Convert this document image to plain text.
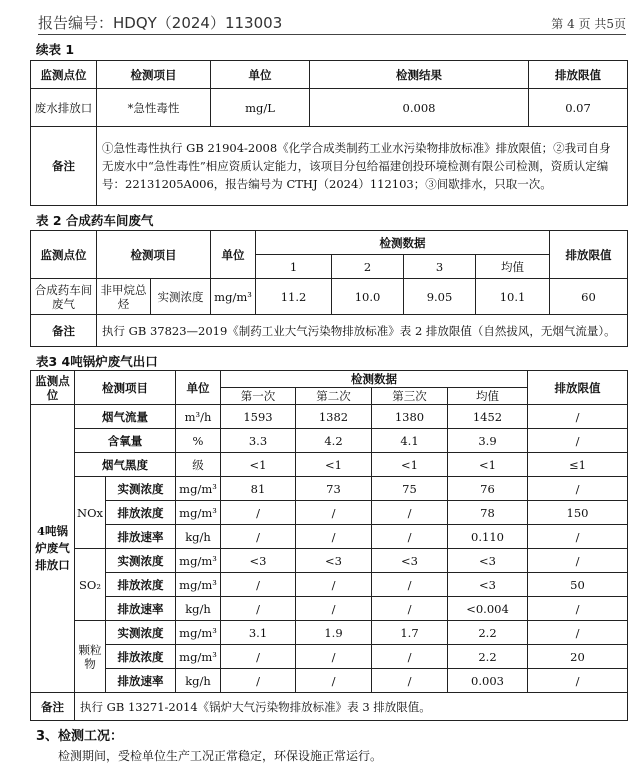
报告编号：HDQY（2024）113003	第 4 页 共5页
续表 1
监测点位	检测项目	单位	检测结果	排放限值
废水排放口	*急性毒性	mg/L	0.008	0.07
备注	①急性毒性执行 GB 21904-2008《化学合成类制药工业水污染物排放标准》排放限值；②我司自身无废水中“急性毒性”相应资质认定能力，该项目分包给福建创投环境检测有限公司检测，资质认定编号：22131205A006，报告编号为 CTHJ（2024）112103；③间歇排水，只取一次。			
表 2 合成药车间废气
监测点位	检测项目		单位	检测数据				排放限值
				1	2	3	均值	
合成药车间废气	非甲烷总烃	实测浓度	mg/m³	11.2	10.0	9.05	10.1	60
备注	执行 GB 37823—2019《制药工业大气污染物排放标准》表 2 排放限值（自然拔风，无烟气流量）。							
表3 4吨锅炉废气出口
监测点位	检测项目		单位	检测数据				排放限值
				第一次	第二次	第三次	均值	
4吨锅炉废气排放口	烟气流量		m³/h	1593	1382	1380	1452	/
	含氧量		%	3.3	4.2	4.1	3.9	/
	烟气黑度		级	<1	<1	<1	<1	≤1
	NOx	实测浓度	mg/m³	81	73	75	76	/
		排放浓度	mg/m³	/	/	/	78	150
		排放速率	kg/h	/	/	/	0.110	/
	SO₂	实测浓度	mg/m³	<3	<3	<3	<3	/
		排放浓度	mg/m³	/	/	/	<3	50
		排放速率	kg/h	/	/	/	<0.004	/
	颗粒物	实测浓度	mg/m³	3.1	1.9	1.7	2.2	/
		排放浓度	mg/m³	/	/	/	2.2	20
		排放速率	kg/h	/	/	/	0.003	/
备注	执行 GB 13271-2014《锅炉大气污染物排放标准》表 3 排放限值。							
3、检测工况：
检测期间，受检单位生产工况正常稳定，环保设施正常运行。
